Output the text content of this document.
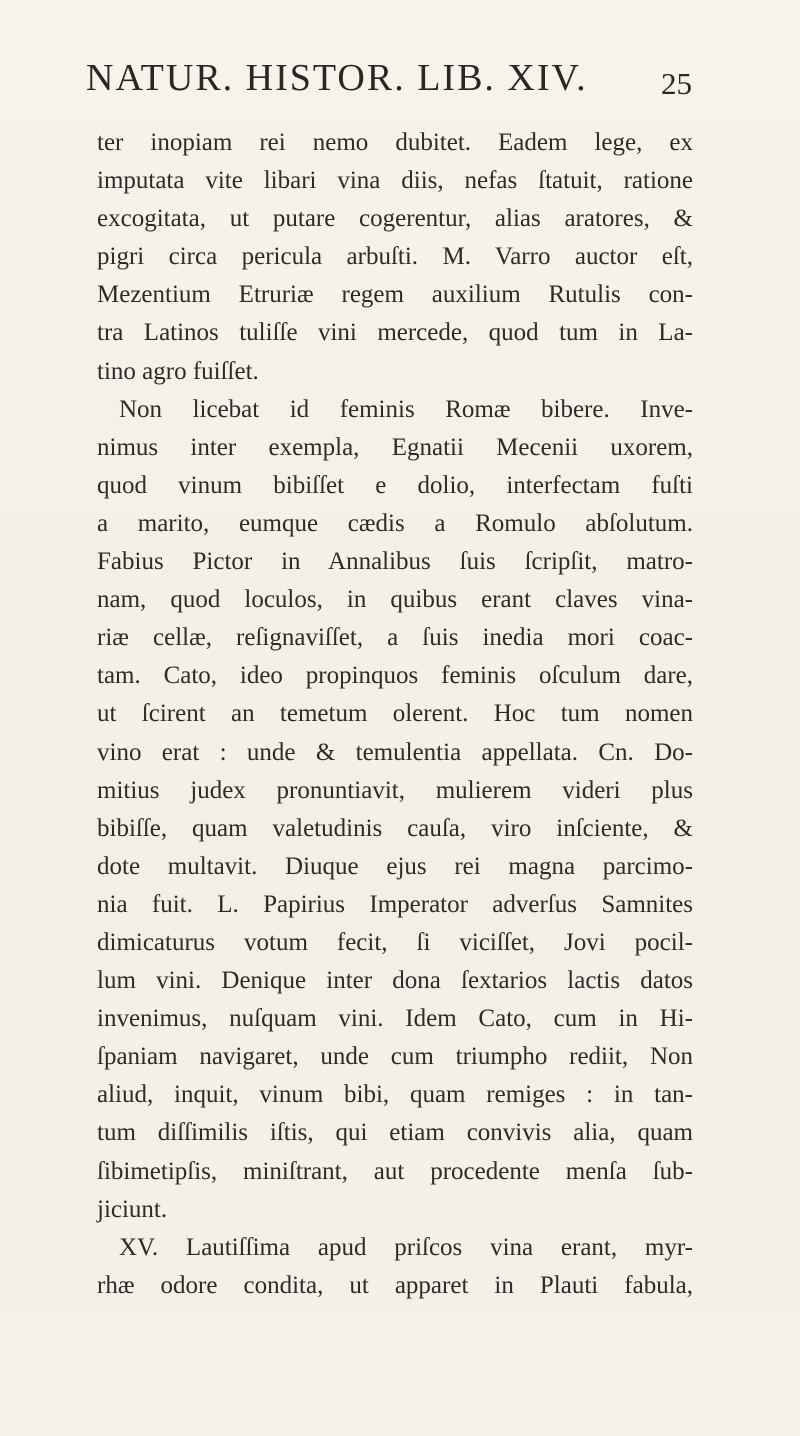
NATUR. HISTOR. LIB. XIV. 25
ter inopiam rei nemo dubitet. Eadem lege, ex
imputata vite libari vina diis, nefas ſtatuit, ratione
excogitata, ut putare cogerentur, alias aratores, &
pigri circa pericula arbuſti. M. Varro auctor eſt,
Mezentium Etruriæ regem auxilium Rutulis con-
tra Latinos tuliſſe vini mercede, quod tum in La-
tino agro fuiſſet.
Non licebat id feminis Romæ bibere. Inve-
nimus inter exempla, Egnatii Mecenii uxorem,
quod vinum bibiſſet e dolio, interfectam fuſti
a marito, eumque cædis a Romulo abſolutum.
Fabius Pictor in Annalibus ſuis ſcripſit, matro-
nam, quod loculos, in quibus erant claves vina-
riæ cellæ, reſignaviſſet, a ſuis inedia mori coac-
tam. Cato, ideo propinquos feminis oſculum dare,
ut ſcirent an temetum olerent. Hoc tum nomen
vino erat : unde & temulentia appellata. Cn. Do-
mitius judex pronuntiavit, mulierem videri plus
bibiſſe, quam valetudinis cauſa, viro inſciente, &
dote multavit. Diuque ejus rei magna parcimo-
nia fuit. L. Papirius Imperator adverſus Samnites
dimicaturus votum fecit, ſi viciſſet, Jovi pocil-
lum vini. Denique inter dona ſextarios lactis datos
invenimus, nuſquam vini. Idem Cato, cum in Hi-
ſpaniam navigaret, unde cum triumpho rediit, Non
aliud, inquit, vinum bibi, quam remiges : in tan-
tum diſſimilis iſtis, qui etiam convivis alia, quam
ſibimetipſis, miniſtrant, aut procedente menſa ſub-
jiciunt.
XV. Lautiſſima apud priſcos vina erant, myr-
rhæ odore condita, ut apparet in Plauti fabula,
